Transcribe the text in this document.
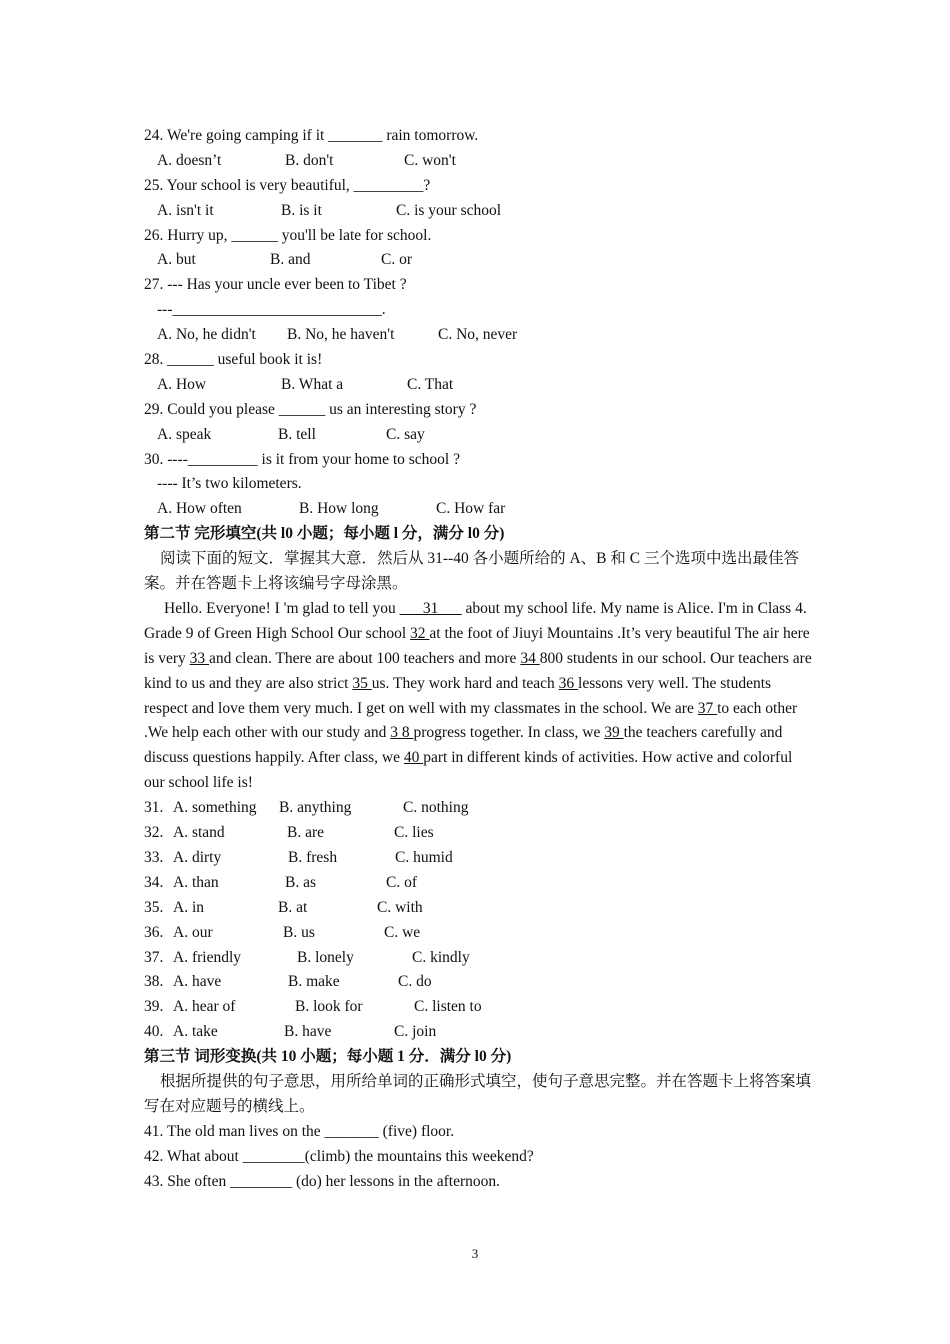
24. We're going camping if it _______ rain tomorrow.
A. doesn’t	B. don't	C. won't
25. Your school is very beautiful, _________?
A. isn't it	B. is it	C. is your school
26. Hurry up, ______ you'll be late for school.
A. but	B. and	C. or
27. --- Has your uncle ever been to Tibet ?
---___________________________.
A. No, he didn't B. No, he haven't	C. No, never
28. ______ useful book it is!
A. How	B. What a	C. That
29. Could you please ______ us an interesting story ?
A. speak	B. tell	C. say
30. ----_________ is it from your home to school ?
---- It’s two kilometers.
A. How often	B. How long	C. How far
第二节 完形填空(共 l0 小题；每小题 l 分，满分 l0 分)
阅读下面的短文．掌握其大意．然后从 31--40 各小题所给的 A、B 和 C 三个选项中选出最佳答案。并在答题卡上将该编号字母涂黑。
Hello. Everyone! I 'm glad to tell you ___31___ about my school life. My name is Alice. I'm in Class 4. Grade 9 of Green High School Our school 32 at the foot of Jiuyi Mountains .It’s very beautiful The air here is very 33 and clean. There are about 100 teachers and more 34 800 students in our school. Our teachers are kind to us and they are also strict 35 us. They work hard and teach 36 lessons very well. The students respect and love them very much. I get on well with my classmates in the school. We are 37 to each other .We help each other with our study and 3 8 progress together. In class, we 39 the teachers carefully and discuss questions happily. After class, we 40 part in different kinds of activities. How active and colorful our school life is!
31. A. something B. anything	C. nothing
32. A. stand	B. are	C. lies
33. A. dirty	B. fresh	C. humid
34. A. than	B. as	C. of
35. A. in	B. at	C. with
36. A. our	B. us	C. we
37. A. friendly	B. lonely	C. kindly
38. A. have	B. make	C. do
39. A. hear of	B. look for	C. listen to
40. A. take	B. have	C. join
第三节 词形变换(共 10 小题；每小题 1 分．满分 l0 分)
根据所提供的句子意思，用所给单词的正确形式填空，使句子意思完整。并在答题卡上将答案填写在对应题号的横线上。
41. The old man lives on the _______ (five) floor.
42. What about ________(climb) the mountains this weekend?
43. She often ________ (do) her lessons in the afternoon.
3
